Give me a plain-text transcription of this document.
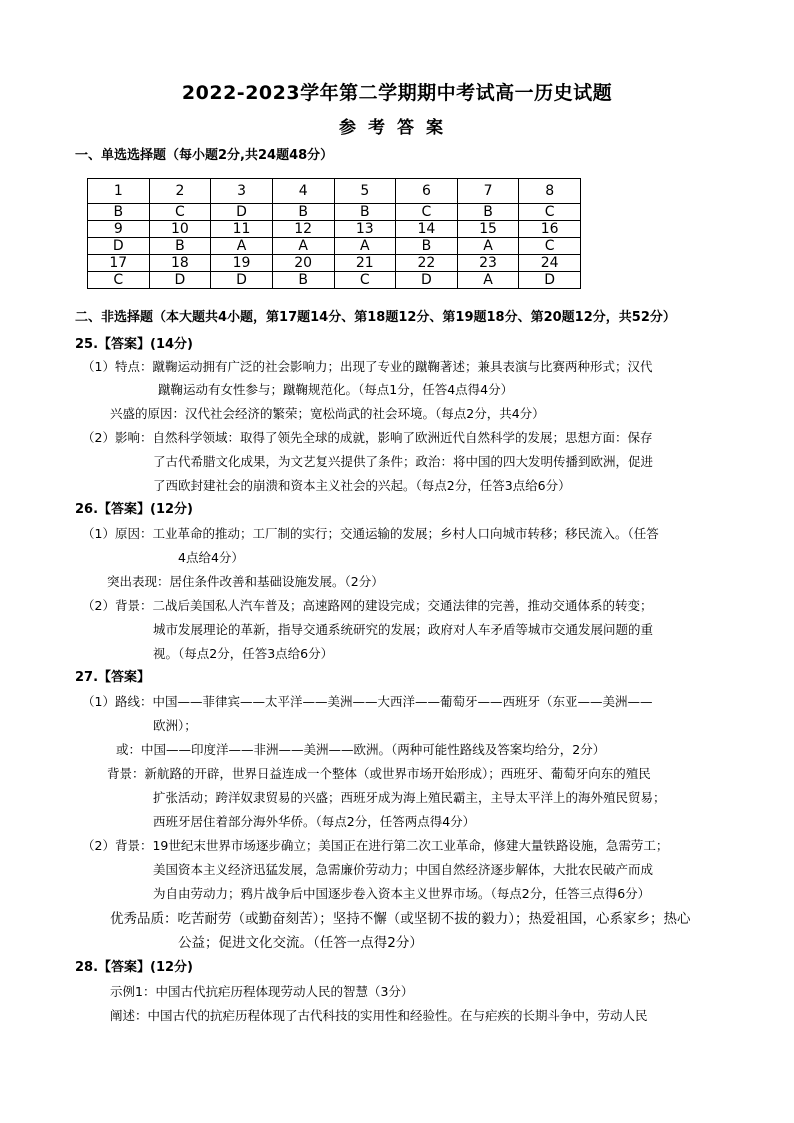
2022-2023学年第二学期期中考试高一历史试题
参考答案
一、单选选择题（每小题2分,共24题48分）
1	2	3	4	5	6	7	8
B	C	D	B	B	C	B	C
9	10	11	12	13	14	15	16
D	B	A	A	A	B	A	C
17	18	19	20	21	22	23	24
C	D	D	B	C	D	A	D
二、非选择题（本大题共4小题，第17题14分、第18题12分、第19题18分、第20题12分，共52分）
25.【答案】(14分)
（1）特点：蹴鞠运动拥有广泛的社会影响力；出现了专业的蹴鞠著述；兼具表演与比赛两种形式；汉代
蹴鞠运动有女性参与；蹴鞠规范化。（每点1分，任答4点得4分）
兴盛的原因：汉代社会经济的繁荣；宽松尚武的社会环境。（每点2分，共4分）
（2）影响：自然科学领域：取得了领先全球的成就，影响了欧洲近代自然科学的发展；思想方面：保存
了古代希腊文化成果，为文艺复兴提供了条件；政治：将中国的四大发明传播到欧洲，促进
了西欧封建社会的崩溃和资本主义社会的兴起。（每点2分，任答3点给6分）
26.【答案】(12分)
（1）原因：工业革命的推动；工厂制的实行；交通运输的发展；乡村人口向城市转移；移民流入。（任答
4点给4分）
突出表现：居住条件改善和基础设施发展。（2分）
（2）背景：二战后美国私人汽车普及；高速路网的建设完成；交通法律的完善，推动交通体系的转变；
城市发展理论的革新，指导交通系统研究的发展；政府对人车矛盾等城市交通发展问题的重
视。（每点2分，任答3点给6分）
27.【答案】
（1）路线：中国——菲律宾——太平洋——美洲——大西洋——葡萄牙——西班牙（东亚——美洲——
欧洲）；
或：中国——印度洋——非洲——美洲——欧洲。（两种可能性路线及答案均给分，2分）
背景：新航路的开辟，世界日益连成一个整体（或世界市场开始形成）；西班牙、葡萄牙向东的殖民
扩张活动；跨洋奴隶贸易的兴盛；西班牙成为海上殖民霸主，主导太平洋上的海外殖民贸易；
西班牙居住着部分海外华侨。（每点2分，任答两点得4分）
（2）背景：19世纪末世界市场逐步确立；美国正在进行第二次工业革命，修建大量铁路设施，急需劳工；
美国资本主义经济迅猛发展，急需廉价劳动力；中国自然经济逐步解体，大批农民破产而成
为自由劳动力；鸦片战争后中国逐步卷入资本主义世界市场。（每点2分，任答三点得6分）
优秀品质：吃苦耐劳（或勤奋刻苦）；坚持不懈（或坚韧不拔的毅力）；热爱祖国，心系家乡；热心
公益；促进文化交流。（任答一点得2分）
28.【答案】(12分)
示例1：中国古代抗疟历程体现劳动人民的智慧（3分）
阐述：中国古代的抗疟历程体现了古代科技的实用性和经验性。在与疟疾的长期斗争中，劳动人民
